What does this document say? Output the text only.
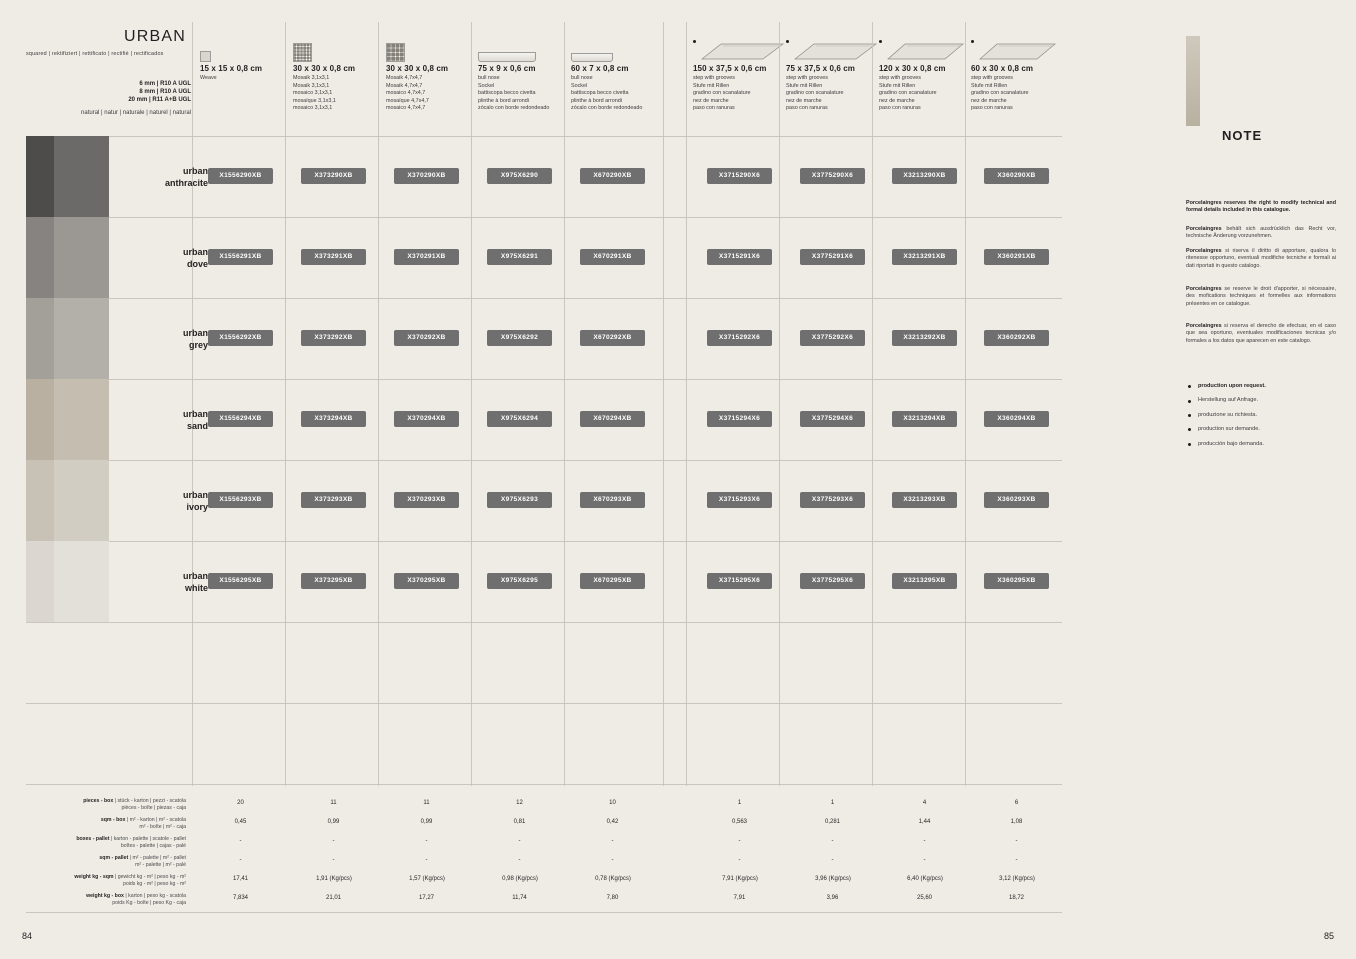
URBAN
squared | rektifiziert | rettificato | rectifié | rectificados
6 mm | R10 A UGL
8 mm | R10 A UGL
20 mm | R11 A+B UGL
natural | natur | naturale | naturel | natural
15 x 15 x 0,8 cm
Weave
30 x 30 x 0,8 cm
Mosaik 3,1x3,1
Mosaik 3,1x3,1
mosaico 3,1x3,1
mosaïque 3,1x3,1
mosaico 3,1x3,1
30 x 30 x 0,8 cm
Mosaik 4,7x4,7
Mosaik 4,7x4,7
mosaico 4,7x4,7
mosaïque 4,7x4,7
mosaico 4,7x4,7
75 x 9 x 0,6 cm
bull nose
Sockel
battiscopa becco civetta
plinthe à bord arrondi
zócalo con borde redondeado
60 x 7 x 0,8 cm
bull nose
Sockel
battiscopa becco civetta
plinthe à bord arrondi
zócalo con borde redondeado
150 x 37,5 x 0,6 cm
step with grooves
Stufe mit Rillen
gradino con scanalature
nez de marche
paso con ranuras
75 x 37,5 x 0,6 cm
step with grooves
Stufe mit Rillen
gradino con scanalature
nez de marche
paso con ranuras
120 x 30 x 0,8 cm
step with grooves
Stufe mit Rillen
gradino con scanalature
nez de marche
paso con ranuras
60 x 30 x 0,8 cm
step with grooves
Stufe mit Rillen
gradino con scanalature
nez de marche
paso con ranuras
urban
anthracite
X1556290XB	X373290XB	X370290XB	X975X6290	X670290XB	X3715290X6	X3775290X6	X3213290XB	X360290XB
urban
dove
X1556291XB	X373291XB	X370291XB	X975X6291	X670291XB	X3715291X6	X3775291X6	X3213291XB	X360291XB
urban
grey
X1556292XB	X373292XB	X370292XB	X975X6292	X670292XB	X3715292X6	X3775292X6	X3213292XB	X360292XB
urban
sand
X1556294XB	X373294XB	X370294XB	X975X6294	X670294XB	X3715294X6	X3775294X6	X3213294XB	X360294XB
urban
ivory
X1556293XB	X373293XB	X370293XB	X975X6293	X670293XB	X3715293X6	X3775293X6	X3213293XB	X360293XB
urban
white
X1556295XB	X373295XB	X370295XB	X975X6295	X670295XB	X3715295X6	X3775295X6	X3213295XB	X360295XB
pieces - box | stück - karton | pezzi - scatola
pièces - boîte | piezas - caja
20	11	11	12	10	1	1	4	6
sqm - box | m² - karton | m² - scatola
m² - boîte | m² - caja
0,45	0,99	0,99	0,81	0,42	0,563	0,281	1,44	1,08
boxes - pallet | karton - palette | scatole - pallet
boîtes - palette | cajas - palé
-	-	-	-	-	-	-	-	-
sqm - pallet | m² - palette | m² - pallet
m² - palette | m² - palé
-	-	-	-	-	-	-	-	-
weight kg - sqm | gewicht kg - m² | peso kg - m²
poids kg - m² | peso kg - m²
17,41	1,91 (Kg/pcs)	1,57 (Kg/pcs)	0,98 (Kg/pcs)	0,78 (Kg/pcs)	7,91 (Kg/pcs)	3,96 (Kg/pcs)	6,40 (Kg/pcs)	3,12 (Kg/pcs)
weight kg - box | karton | peso kg - scatola
poids Kg - boîte | peso Kg - caja
7,834	21,01	17,27	11,74	7,80	7,91	3,96	25,60	18,72
84
NOTE
Porcelaingres reserves the right to modify technical and formal details included in this catalogue.
Porcelaingres behält sich ausdrücklich das Recht vor, technische Änderung vorzunehmen.
Porcelaingres si riserva il diritto di apportare, qualora lo ritenesse opportuno, eventuali modifiche tecniche e formali ai dati riportati in questo catalogo.
Porcelaingres se reserve le droit d'apporter, si nécessaire, des mofications techniques et formelles aux informations présentes en ce catalogue.
Porcelaingres si reserva el derecho de efectuar, en el caso que sea oportuno, eventuales modificaciones tecnicas y/o formales a los datos que aparecen en este catalogo.
production upon request.
Herstellung auf Anfrage.
produzione su richiesta.
production sur demande.
producción bajo demanda.
85
